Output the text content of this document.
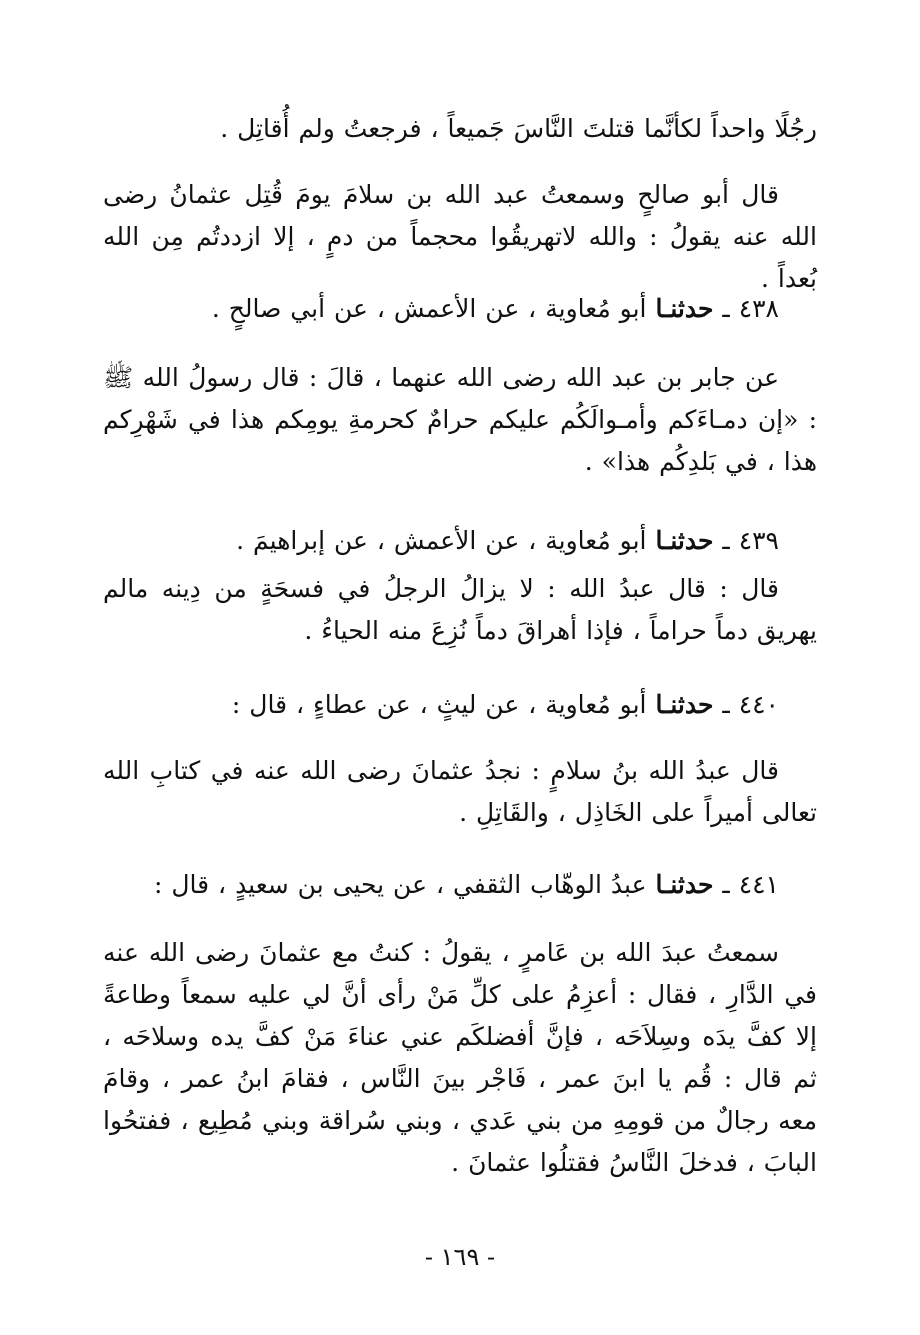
رجُلًا واحداً لكأنَّما قتلتَ النَّاسَ جَميعاً ، فرجعتُ ولم أُقاتِل .
قال أبو صالحٍ وسمعتُ عبد الله بن سلامَ يومَ قُتِل عثمانُ رضى الله عنه يقولُ : والله لاتهريقُوا محجماً من دمٍ ، إلا ازددتُم مِن الله بُعداً .
٤٣٨ ـ حدثنـا أبو مُعاوية ، عن الأعمش ، عن أبي صالحٍ .
عن جابر بن عبد الله رضى الله عنهما ، قالَ : قال رسولُ الله ﷺ : «إن دمـاءَكم وأمـوالَكُم عليكم حرامٌ كحرمةِ يومِكم هذا في شَهْرِكم هذا ، في بَلدِكُم هذا» .
٤٣٩ ـ حدثنـا أبو مُعاوية ، عن الأعمش ، عن إبراهيمَ .
قال : قال عبدُ الله : لا يزالُ الرجلُ في فسحَةٍ من دِينه مالم يهريق دماً حراماً ، فإذا أهراقَ دماً نُزِعَ منه الحياءُ .
٤٤٠ ـ حدثنـا أبو مُعاوية ، عن ليثٍ ، عن عطاءٍ ، قال :
قال عبدُ الله بنُ سلامٍ : نجدُ عثمانَ رضى الله عنه في كتابِ الله تعالى أميراً على الخَاذِل ، والقَاتِلِ .
٤٤١ ـ حدثنـا عبدُ الوهّاب الثقفي ، عن يحيى بن سعيدٍ ، قال :
سمعتُ عبدَ الله بن عَامرٍ ، يقولُ : كنتُ مع عثمانَ رضى الله عنه في الدَّارِ ، فقال : أعزِمُ على كلِّ مَنْ رأى أنَّ لي عليه سمعاً وطاعةً إلا كفَّ يدَه وسِلاَحَه ، فإنَّ أفضلكَم عني عناءَ مَنْ كفَّ يده وسلاحَه ، ثم قال : قُم يا ابنَ عمر ، فَاجْر بينَ النَّاس ، فقامَ ابنُ عمر ، وقامَ معه رجالٌ من قومِهِ من بني عَدي ، وبني سُراقة وبني مُطِيع ، ففتحُوا البابَ ، فدخلَ النَّاسُ فقتلُوا عثمانَ .
- ١٦٩ -
